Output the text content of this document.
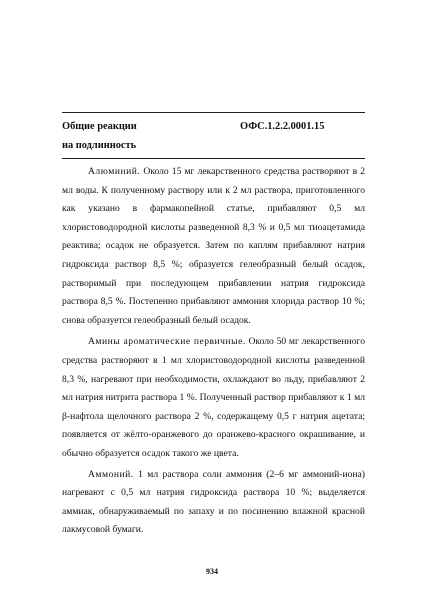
Общие реакции
на подлинность
ОФС.1.2.2.0001.15

Алюминий. Около 15 мг лекарственного средства растворяют в 2 мл воды. К полученному раствору или к 2 мл раствора, приготовленного как указано в фармакопейной статье, прибавляют 0,5 мл хлористоводородной кислоты разведенной 8,3 % и 0,5 мл тиоацетамида реактива; осадок не образуется. Затем по каплям прибавляют натрия гидроксида раствор 8,5 %; образуется гелеобразный белый осадок, растворимый при последующем прибавлении натрия гидроксида раствора 8,5 %. Постепенно прибавляют аммония хлорида раствор 10 %; снова образуется гелеобразный белый осадок.

Амины ароматические первичные. Около 50 мг лекарственного средства растворяют в 1 мл хлористоводородной кислоты разведенной 8,3 %, нагревают при необходимости, охлаждают во льду, прибавляют 2 мл натрия нитрита раствора 1 %. Полученный раствор прибавляют к 1 мл β-нафтола щелочного раствора 2 %, содержащему 0,5 г натрия ацетата; появляется от жёлто-оранжевого до оранжево-красного окрашивание, и обычно образуется осадок такого же цвета.

Аммоний. 1 мл раствора соли аммония (2–6 мг аммоний-иона) нагревают с 0,5 мл натрия гидроксида раствора 10 %; выделяется аммиак, обнаруживаемый по запаху и по посинению влажной красной лакмусовой бумаги.

934
